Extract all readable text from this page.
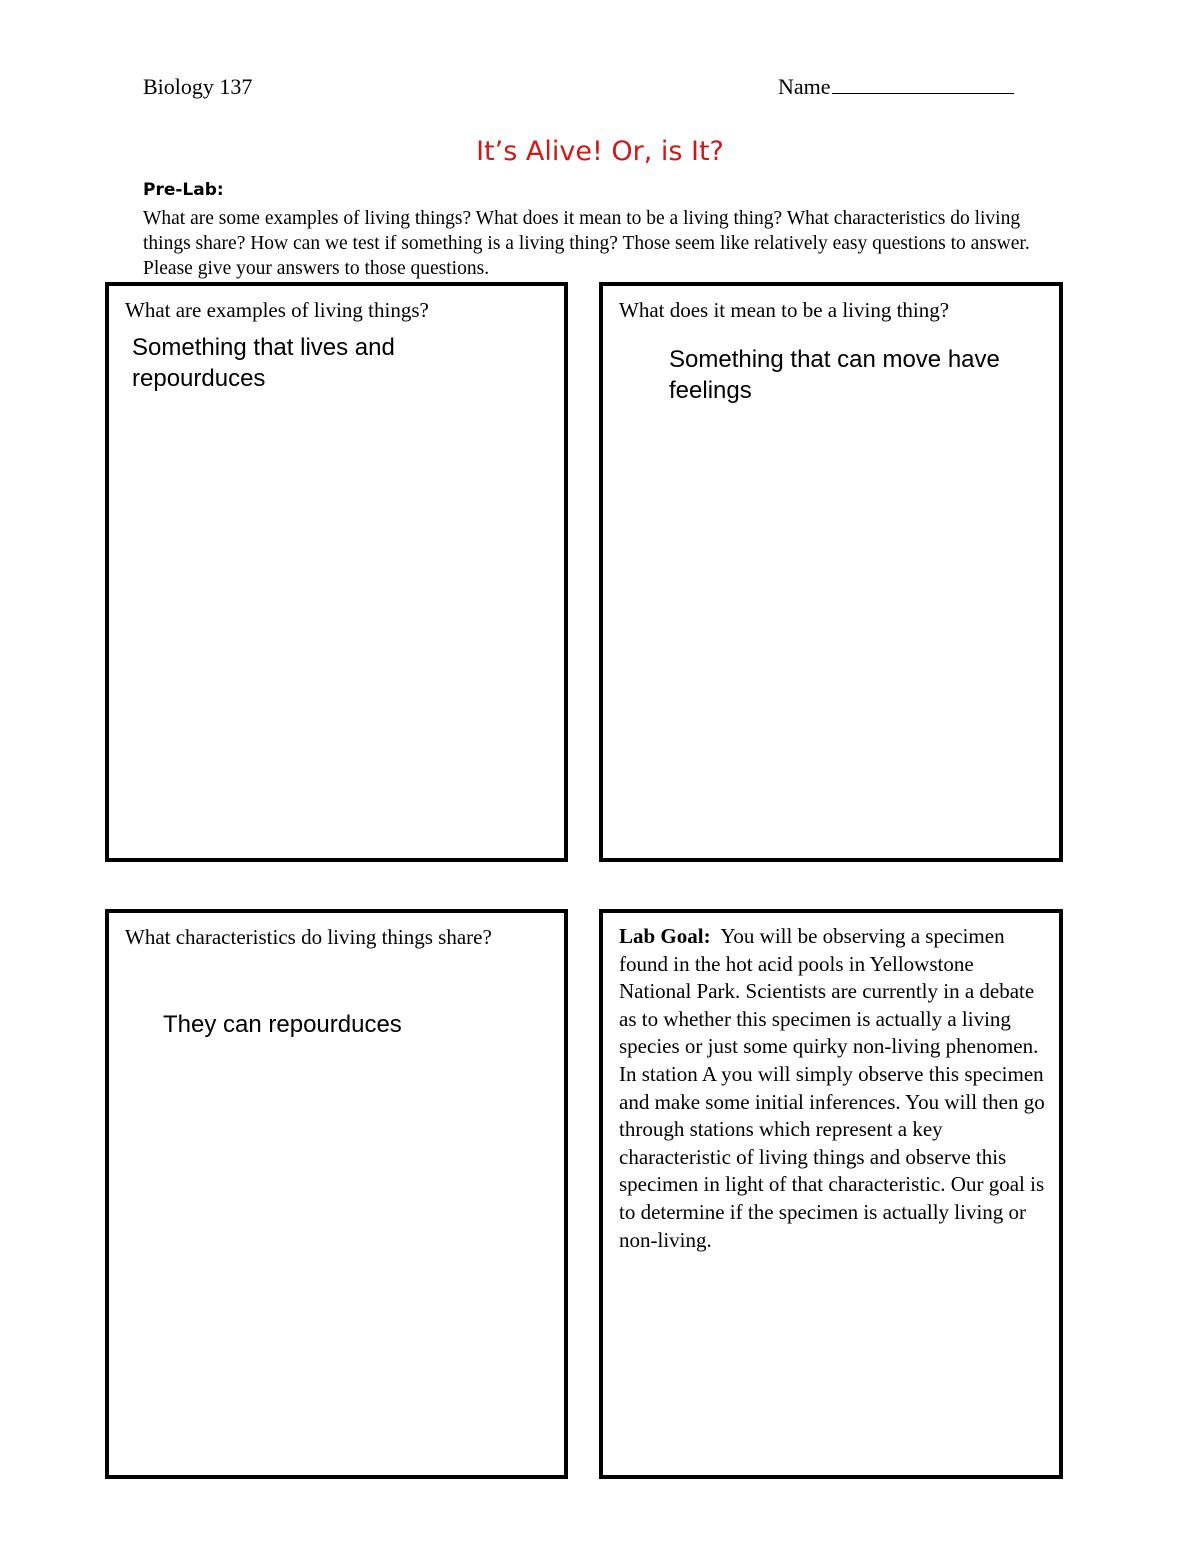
Biology 137	Name
It’s Alive! Or, is It?
Pre-Lab:
What are some examples of living things? What does it mean to be a living thing? What characteristics do living things share? How can we test if something is a living thing? Those seem like relatively easy questions to answer. Please give your answers to those questions.
What are examples of living things?
Something that lives and repourduces
What does it mean to be a living thing?
Something that can move have feelings
What characteristics do living things share?
They can repourduces
Lab Goal: You will be observing a specimen found in the hot acid pools in Yellowstone National Park. Scientists are currently in a debate as to whether this specimen is actually a living species or just some quirky non-living phenomen. In station A you will simply observe this specimen and make some initial inferences. You will then go through stations which represent a key characteristic of living things and observe this specimen in light of that characteristic. Our goal is to determine if the specimen is actually living or non-living.
